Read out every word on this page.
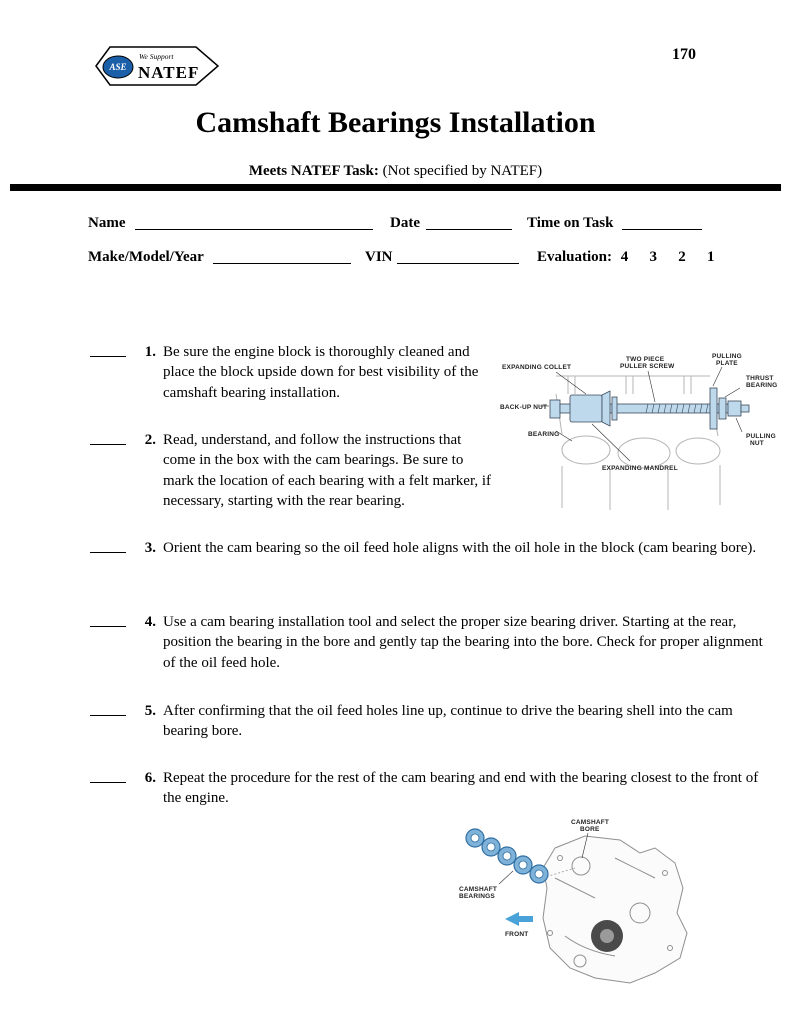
ASE
We Support
NATEF
170
Camshaft Bearings Installation
Meets NATEF Task: (Not specified by NATEF)
Name	Date	Time on Task
Make/Model/Year	VIN	Evaluation: 4 3 2 1
1. Be sure the engine block is thoroughly cleaned and place the block upside down for best visibility of the camshaft bearing installation.
2. Read, understand, and follow the instructions that come in the box with the cam bearings. Be sure to mark the location of each bearing with a felt marker, if necessary, starting with the rear bearing.
3. Orient the cam bearing so the oil feed hole aligns with the oil hole in the block (cam bearing bore).
4. Use a cam bearing installation tool and select the proper size bearing driver. Starting at the rear, position the bearing in the bore and gently tap the bearing into the bore. Check for proper alignment of the oil feed hole.
5. After confirming that the oil feed holes line up, continue to drive the bearing shell into the cam bearing bore.
6. Repeat the procedure for the rest of the cam bearing and end with the bearing closest to the front of the engine.
EXPANDING COLLET
TWO PIECE
PULLER SCREW
PULLING
PLATE
THRUST
BEARING
BACK-UP NUT
BEARING
EXPANDING MANDREL
PULLING
NUT
CAMSHAFT
BORE
CAMSHAFT
BEARINGS
FRONT
